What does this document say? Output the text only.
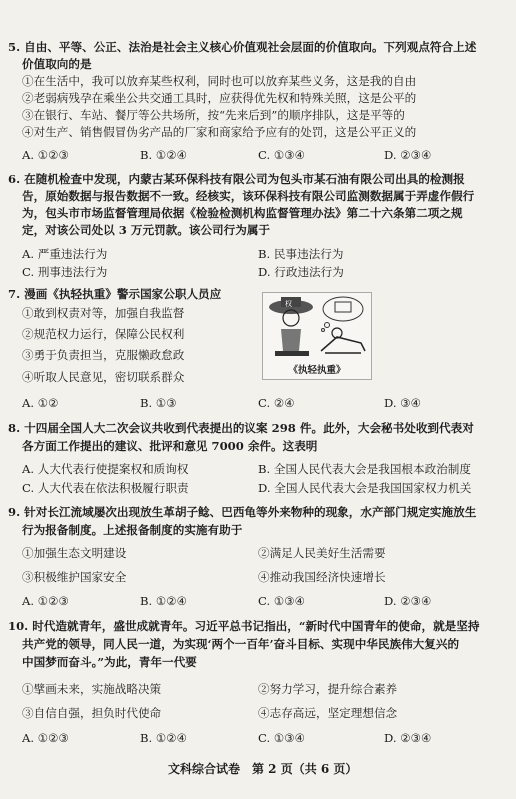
5. 自由、平等、公正、法治是社会主义核心价值观社会层面的价值取向。下列观点符合上述
价值取向的是
①在生活中，我可以放弃某些权利，同时也可以放弃某些义务，这是我的自由
②老弱病残孕在乘坐公共交通工具时，应获得优先权和特殊关照，这是公平的
③在银行、车站、餐厅等公共场所，按“先来后到”的顺序排队，这是平等的
④对生产、销售假冒伪劣产品的厂家和商家给予应有的处罚，这是公平正义的
A. ①②③	B. ①②④	C. ①③④	D. ②③④
6. 在随机检查中发现，内蒙古某环保科技有限公司为包头市某石油有限公司出具的检测报
告，原始数据与报告数据不一致。经核实，该环保科技有限公司监测数据属于弄虚作假行
为，包头市市场监督管理局依据《检验检测机构监督管理办法》第二十六条第二项之规
定，对该公司处以 3 万元罚款。该公司行为属于
A. 严重违法行为	B. 民事违法行为
C. 刑事违法行为	D. 行政违法行为
7. 漫画《执轻执重》警示国家公职人员应
①敢到权责对等，加强自我监督
②规范权力运行，保障公民权利
③勇于负责担当，克服懒政怠政
④听取人民意见，密切联系群众
权
《执轻执重》
A. ①②	B. ①③	C. ②④	D. ③④
8. 十四届全国人大二次会议共收到代表提出的议案 298 件。此外，大会秘书处收到代表对
各方面工作提出的建议、批评和意见 7000 余件。这表明
A. 人大代表行使提案权和质询权	B. 全国人民代表大会是我国根本政治制度
C. 人大代表在依法积极履行职责	D. 全国人民代表大会是我国国家权力机关
9. 针对长江流域屡次出现放生革胡子鲶、巴西龟等外来物种的现象，水产部门规定实施放生
行为报备制度。上述报备制度的实施有助于
①加强生态文明建设	②满足人民美好生活需要
③积极维护国家安全	④推动我国经济快速增长
A. ①②③	B. ①②④	C. ①③④	D. ②③④
10. 时代造就青年，盛世成就青年。习近平总书记指出，“新时代中国青年的使命，就是坚持
共产党的领导，同人民一道，为实现‘两个一百年’奋斗目标、实现中华民族伟大复兴的
中国梦而奋斗。”为此，青年一代要
①擘画未来，实施战略决策	②努力学习，提升综合素养
③自信自强，担负时代使命	④志存高远，坚定理想信念
A. ①②③	B. ①②④	C. ①③④	D. ②③④
文科综合试卷　第 2 页（共 6 页）
